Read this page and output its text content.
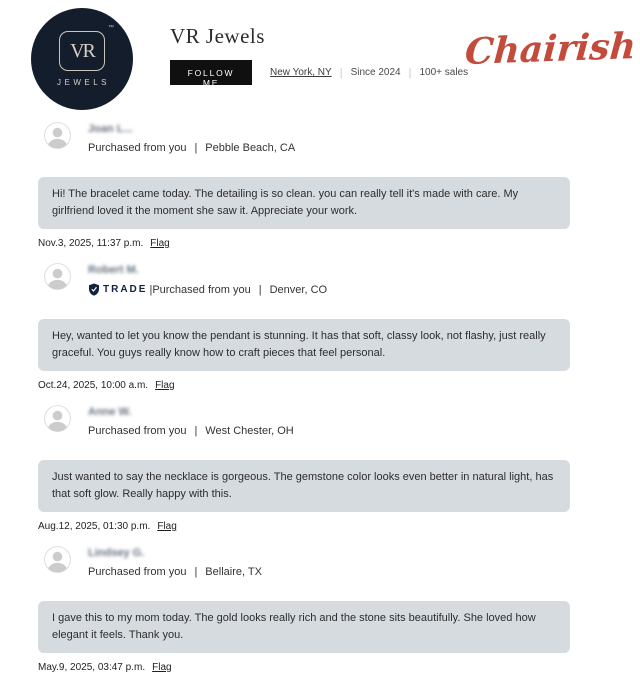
VR
™
JEWELS
VR Jewels
FOLLOW ME
New York, NY | Since 2024 | 100+ sales
Chairish
Joan L...
Purchased from you | Pebble Beach, CA
Hi! The bracelet came today. The detailing is so clean. you can really tell it's made with care. My girlfriend loved it the moment she saw it. Appreciate your work.
Nov.3, 2025, 11:37 p.m. Flag
Robert M.
TRADE | Purchased from you | Denver, CO
Hey, wanted to let you know the pendant is stunning. It has that soft, classy look, not flashy, just really graceful. You guys really know how to craft pieces that feel personal.
Oct.24, 2025, 10:00 a.m. Flag
Anne W.
Purchased from you | West Chester, OH
Just wanted to say the necklace is gorgeous. The gemstone color looks even better in natural light, has that soft glow. Really happy with this.
Aug.12, 2025, 01:30 p.m. Flag
Lindsey G.
Purchased from you | Bellaire, TX
I gave this to my mom today. The gold looks really rich and the stone sits beautifully. She loved how elegant it feels. Thank you.
May.9, 2025, 03:47 p.m. Flag
